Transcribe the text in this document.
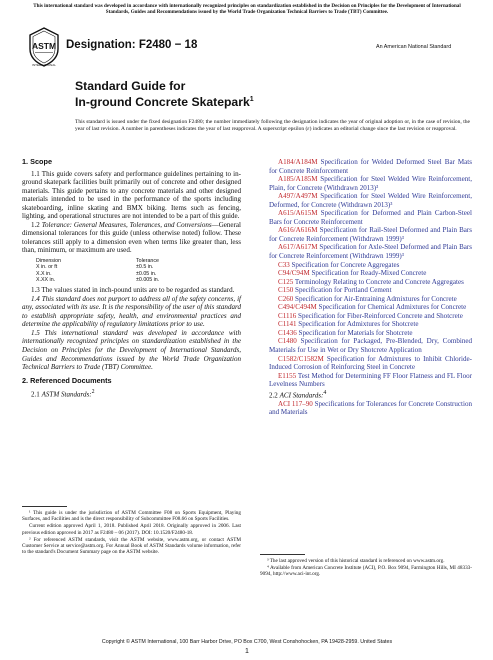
This international standard was developed in accordance with internationally recognized principles on standardization established in the Decision on Principles for the Development of International Standards, Guides and Recommendations issued by the World Trade Organization Technical Barriers to Trade (TBT) Committee.
ASTM
INTERNATIONAL
Designation: F2480 − 18	An American National Standard
Standard Guide for
In-ground Concrete Skatepark$^1$
This standard is issued under the fixed designation F2480; the number immediately following the designation indicates the year of original adoption or, in the case of revision, the year of last revision. A number in parentheses indicates the year of last reapproval. A superscript epsilon (ε) indicates an editorial change since the last revision or reapproval.
1. Scope

1.1 This guide covers safety and performance guidelines pertaining to in-ground skatepark facilities built primarily out of concrete and other designed materials. This guide pertains to any concrete materials and other designed materials intended to be used in the performance of the sports including skateboarding, inline skating and BMX biking. Items such as fencing, lighting, and operational structures are not intended to be a part of this guide.

1.2 Tolerance: General Measures, Tolerances, and Conversions—General dimensional tolerances for this guide (unless otherwise noted) follow. These tolerances still apply to a dimension even when terms like greater than, less than, minimum, or maximum are used.

Dimension	Tolerance
X in. or ft	±0.5 in.
X.X in.	±0.05 in.
X.XX in.	±0.005 in.

1.3 The values stated in inch-pound units are to be regarded as standard.

1.4 This standard does not purport to address all of the safety concerns, if any, associated with its use. It is the responsibility of the user of this standard to establish appropriate safety, health, and environmental practices and determine the applicability of regulatory limitations prior to use.

1.5 This international standard was developed in accordance with internationally recognized principles on standardization established in the Decision on Principles for the Development of International Standards, Guides and Recommendations issued by the World Trade Organization Technical Barriers to Trade (TBT) Committee.

2. Referenced Documents

2.1 ASTM Standards:$^2$

A184/A184M Specification for Welded Deformed Steel Bar Mats for Concrete Reinforcement

A185/A185M Specification for Steel Welded Wire Reinforcement, Plain, for Concrete (Withdrawn 2013)³

A497/A497M Specification for Steel Welded Wire Reinforcement, Deformed, for Concrete (Withdrawn 2013)³

A615/A615M Specification for Deformed and Plain Carbon-Steel Bars for Concrete Reinforcement

A616/A616M Specification for Rail-Steel Deformed and Plain Bars for Concrete Reinforcement (Withdrawn 1999)³

A617/A617M Specification for Axle-Steel Deformed and Plain Bars for Concrete Reinforcement (Withdrawn 1999)³

C33 Specification for Concrete Aggregates

C94/C94M Specification for Ready-Mixed Concrete

C125 Terminology Relating to Concrete and Concrete Aggregates

C150 Specification for Portland Cement

C260 Specification for Air-Entraining Admixtures for Concrete

C494/C494M Specification for Chemical Admixtures for Concrete

C1116 Specification for Fiber-Reinforced Concrete and Shotcrete

C1141 Specification for Admixtures for Shotcrete

C1436 Specification for Materials for Shotcrete

C1480 Specification for Packaged, Pre-Blended, Dry, Combined Materials for Use in Wet or Dry Shotcrete Application

C1582/C1582M Specification for Admixtures to Inhibit Chloride-Induced Corrosion of Reinforcing Steel in Concrete

E1155 Test Method for Determining FF Floor Flatness and FL Floor Levelness Numbers

2.2 ACI Standards:$^4$

ACI 117–90 Specifications for Tolerances for Concrete Construction and Materials

¹ This guide is under the jurisdiction of ASTM Committee F08 on Sports Equipment, Playing Surfaces, and Facilities and is the direct responsibility of Subcommittee F08.66 on Sports Facilities.

Current edition approved April 1, 2018. Published April 2018. Originally approved in 2006. Last previous edition approved in 2017 as F2480 – 06 (2017). DOI: 10.1520/F2480-18.

² For referenced ASTM standards, visit the ASTM website, www.astm.org, or contact ASTM Customer Service at service@astm.org. For Annual Book of ASTM Standards volume information, refer to the standard's Document Summary page on the ASTM website.

³ The last approved version of this historical standard is referenced on www.astm.org.

⁴ Available from American Concrete Institute (ACI), P.O. Box 9094, Farmington Hills, MI 48333-9094, http://www.aci-int.org.

Copyright © ASTM International, 100 Barr Harbor Drive, PO Box C700, West Conshohocken, PA 19428-2959. United States
1
